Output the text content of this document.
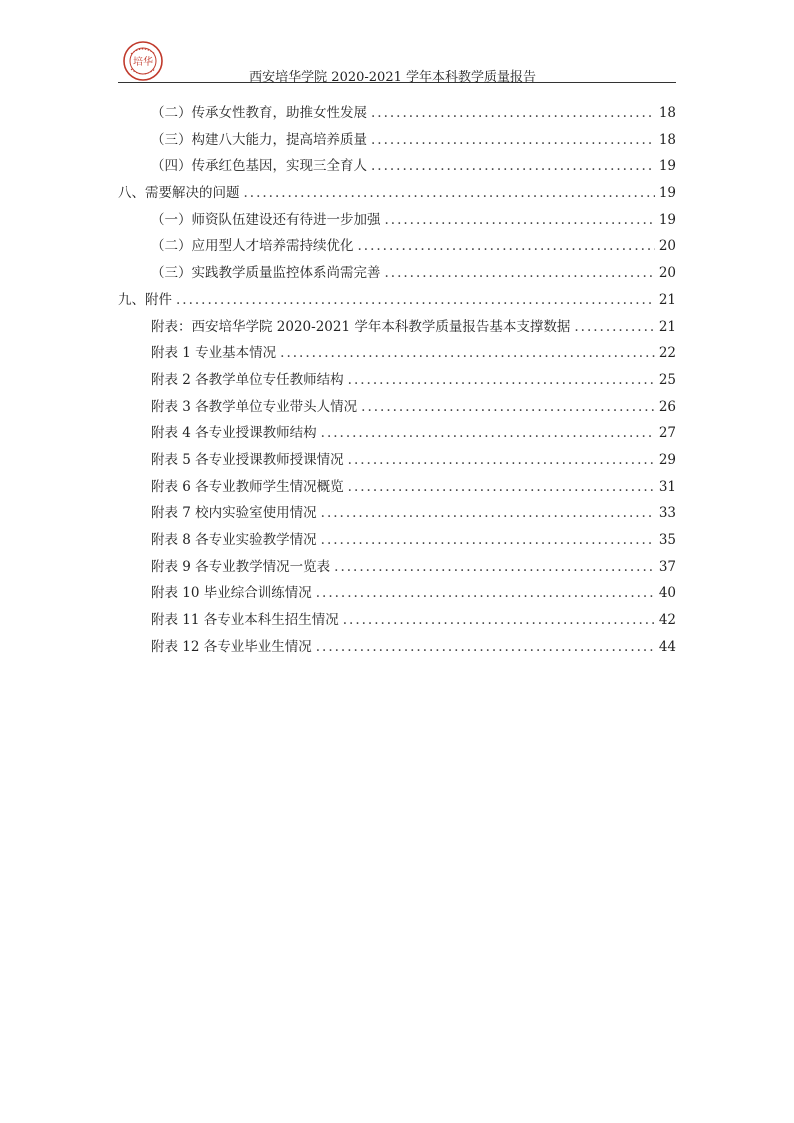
培华
西安培华学院 2020-2021 学年本科教学质量报告
（二）传承女性教育，助推女性发展 .....	18
（三）构建八大能力，提高培养质量 .....	18
（四）传承红色基因，实现三全育人 .....	19
八、需要解决的问题 .....	19
（一）师资队伍建设还有待进一步加强 .....	19
（二）应用型人才培养需持续优化 .....	20
（三）实践教学质量监控体系尚需完善 .....	20
九、附件 .....	21
附表：西安培华学院 2020-2021 学年本科教学质量报告基本支撑数据 .....	21
附表 1 专业基本情况 .....	22
附表 2 各教学单位专任教师结构 .....	25
附表 3 各教学单位专业带头人情况 .....	26
附表 4 各专业授课教师结构 .....	27
附表 5 各专业授课教师授课情况 .....	29
附表 6 各专业教师学生情况概览 .....	31
附表 7 校内实验室使用情况 .....	33
附表 8 各专业实验教学情况 .....	35
附表 9 各专业教学情况一览表 .....	37
附表 10 毕业综合训练情况 .....	40
附表 11 各专业本科生招生情况 .....	42
附表 12 各专业毕业生情况 .....	44
